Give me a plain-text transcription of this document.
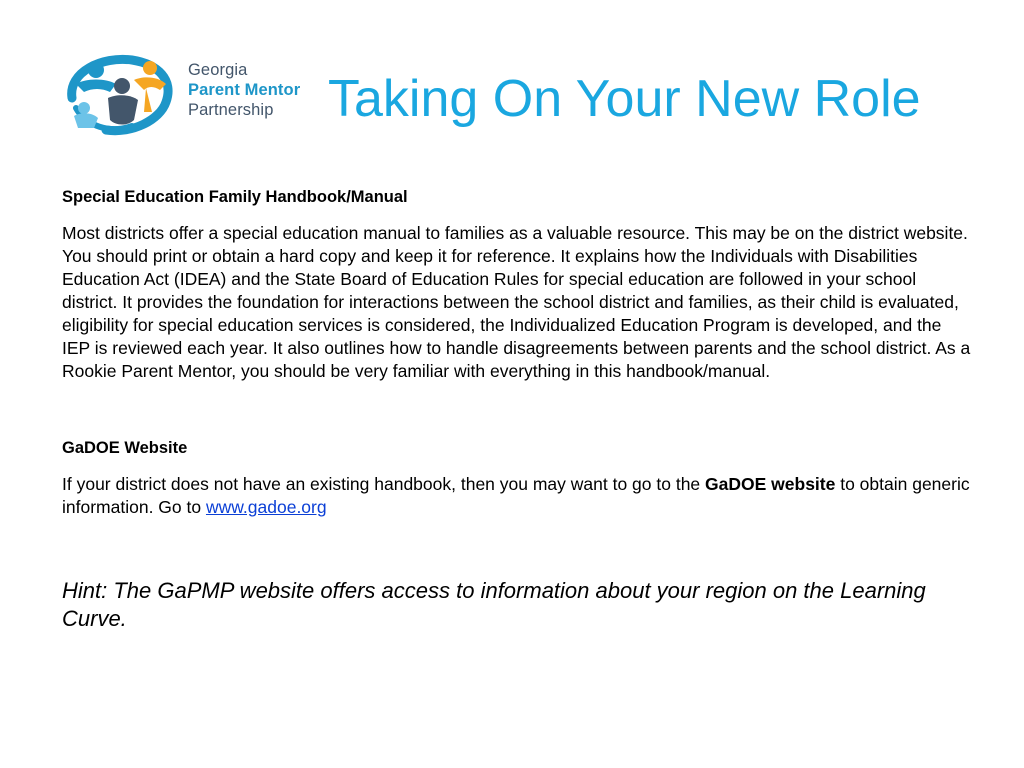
Georgia
Parent Mentor
Partnership	Taking On Your New Role

Special Education Family Handbook/Manual

Most districts offer a special education manual to families as a valuable resource. This may be on the district website. You should print or obtain a hard copy and keep it for reference. It explains how the Individuals with Disabilities Education Act (IDEA) and the State Board of Education Rules for special education are followed in your school district. It provides the foundation for interactions between the school district and families, as their child is evaluated, eligibility for special education services is considered, the Individualized Education Program is developed, and the IEP is reviewed each year. It also outlines how to handle disagreements between parents and the school district. As a Rookie Parent Mentor, you should be very familiar with everything in this handbook/manual.

GaDOE Website

If your district does not have an existing handbook, then you may want to go to the GaDOE website to obtain generic information. Go to www.gadoe.org

Hint: The GaPMP website offers access to information about your region on the Learning Curve.
